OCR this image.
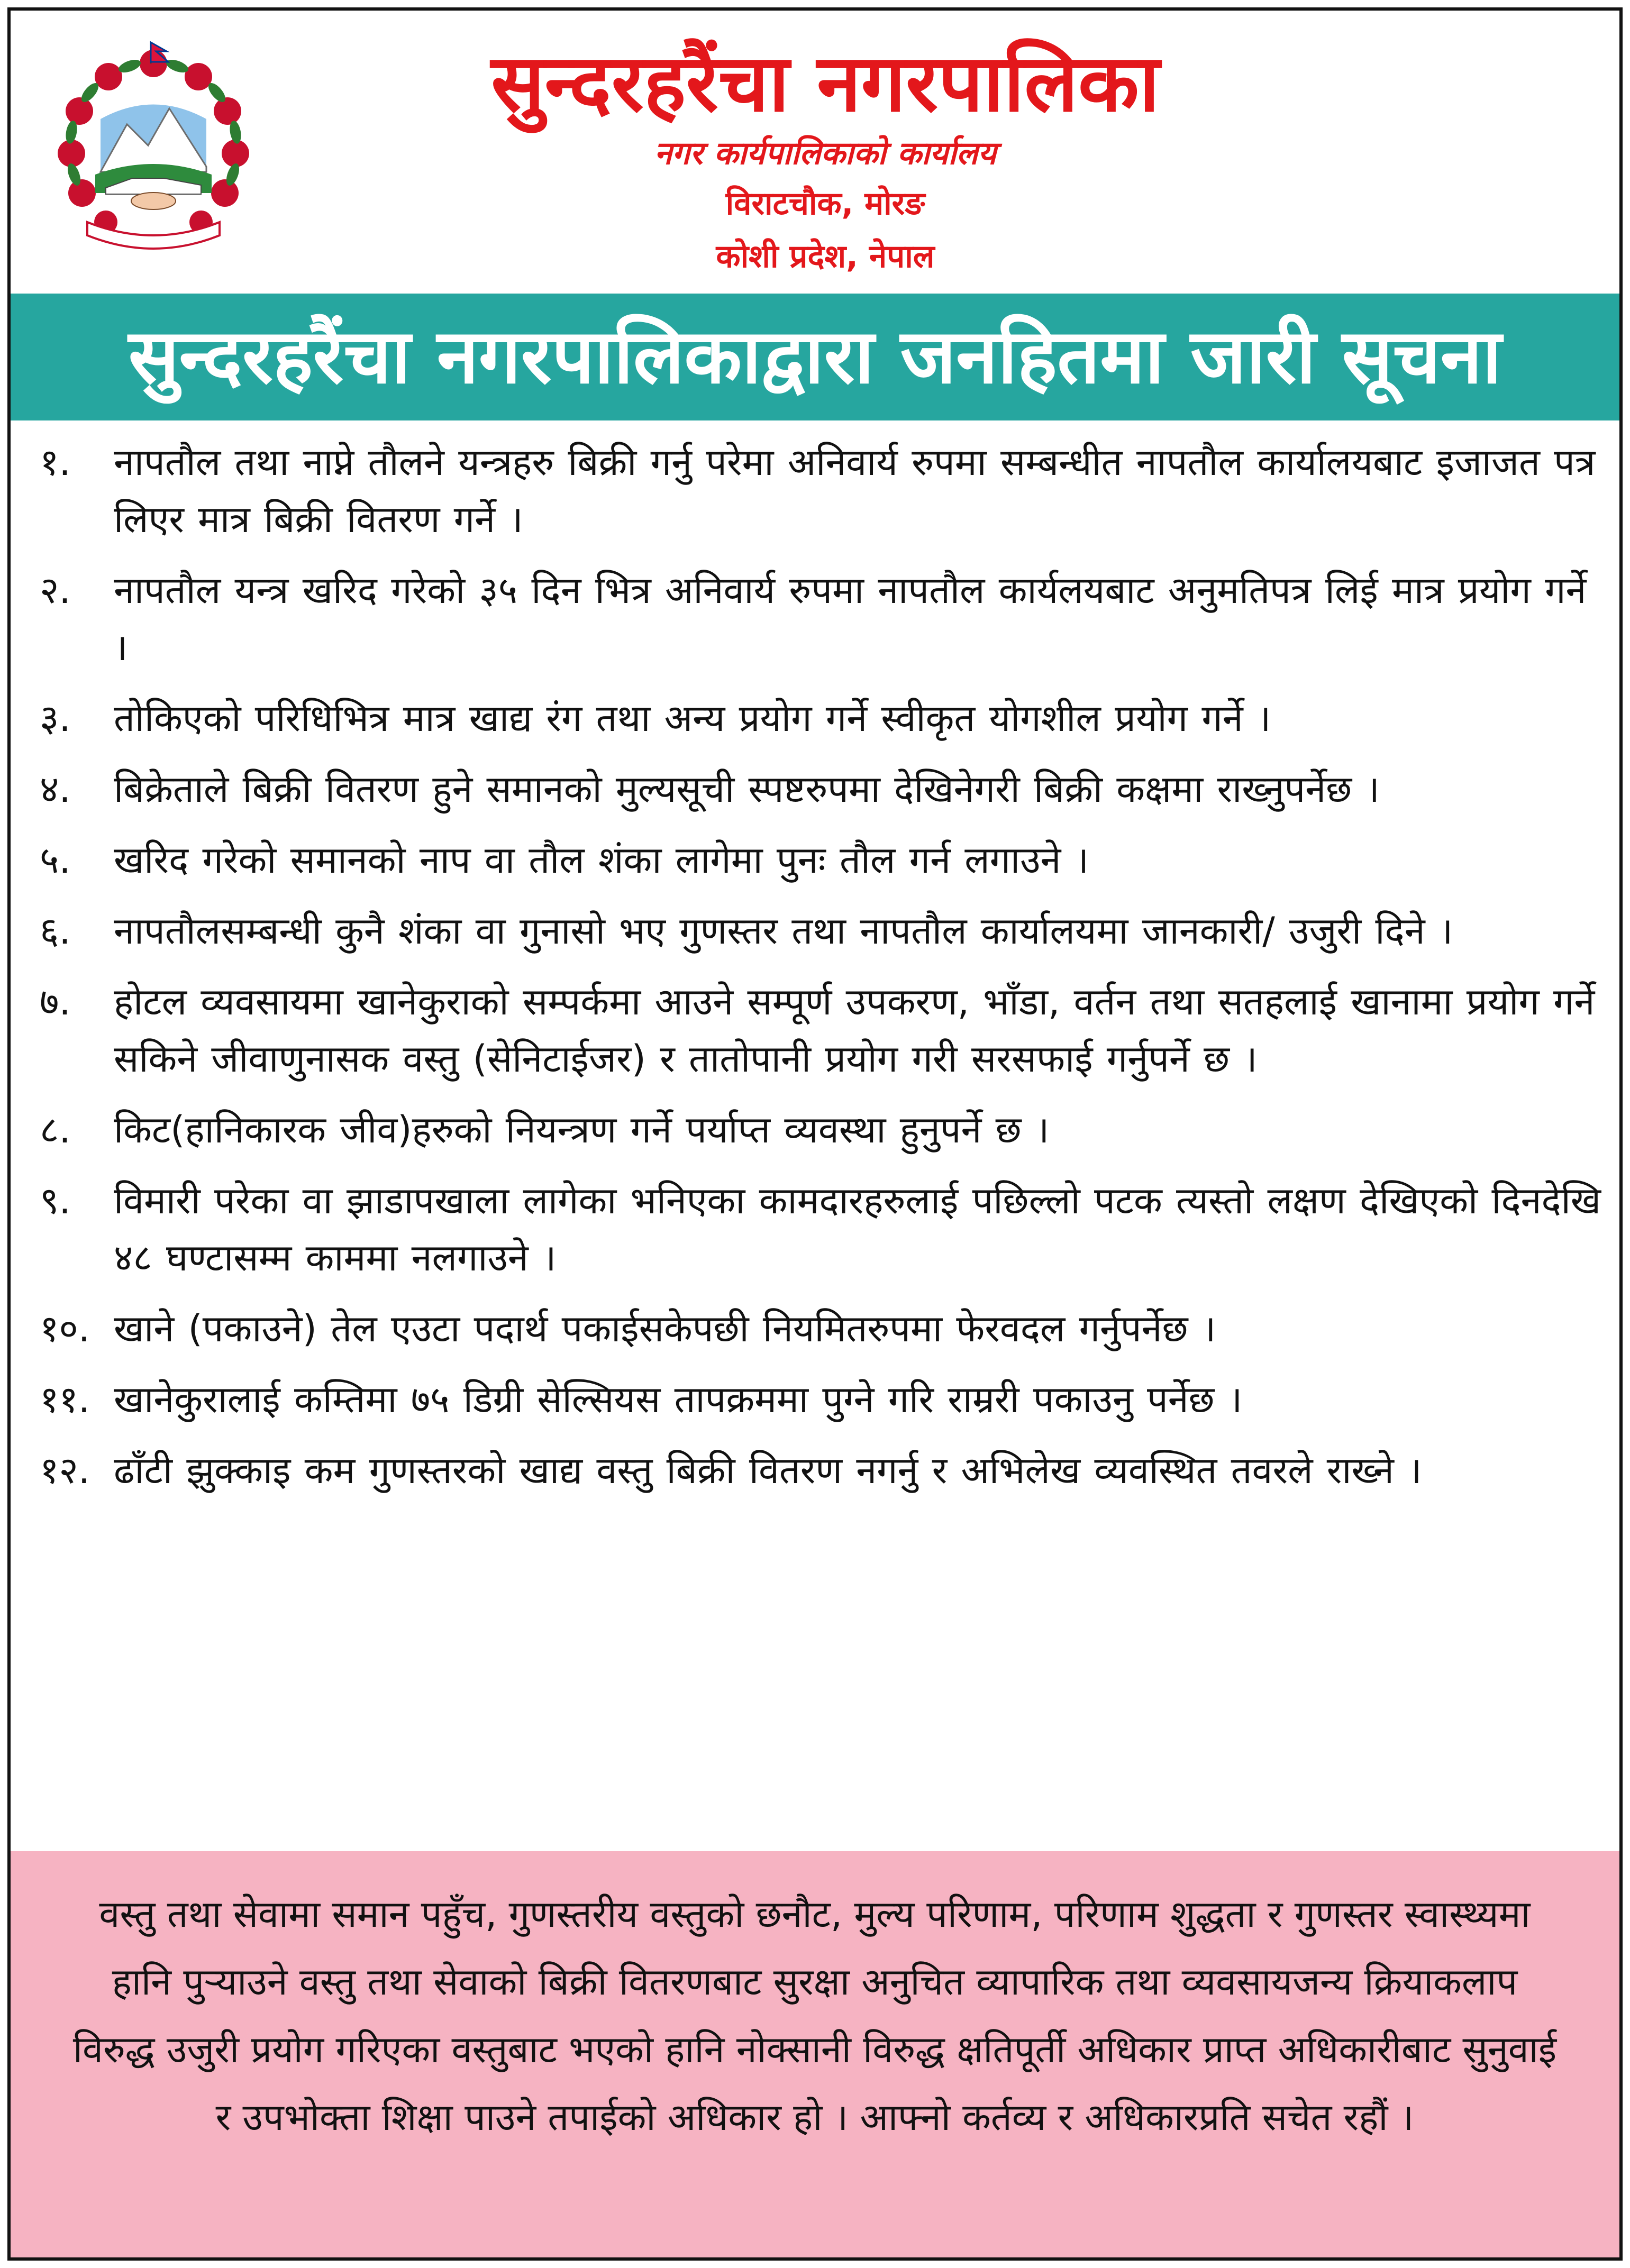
सुन्दरहरैंचा नगरपालिका
नगर कार्यपालिकाको कार्यालय
विराटचौक, मोरङ
कोशी प्रदेश, नेपाल
सुन्दरहरैंचा नगरपालिकाद्वारा जनहितमा जारी सूचना
१.	नापतौल तथा नाप्ने तौलने यन्त्रहरु बिक्री गर्नु परेमा अनिवार्य रुपमा सम्बन्धीत नापतौल कार्यालयबाट इजाजत पत्र लिएर मात्र बिक्री वितरण गर्ने ।
२.	नापतौल यन्त्र खरिद गरेको ३५ दिन भित्र अनिवार्य रुपमा नापतौल कार्यलयबाट अनुमतिपत्र लिई मात्र प्रयोग गर्ने ।
३.	तोकिएको परिधिभित्र मात्र खाद्य रंग तथा अन्य प्रयोग गर्ने स्वीकृत योगशील प्रयोग गर्ने ।
४.	बिक्रेताले बिक्री वितरण हुने समानको मुल्यसूची स्पष्टरुपमा देखिनेगरी बिक्री कक्षमा राख्नुपर्नेछ ।
५.	खरिद गरेको समानको नाप वा तौल शंका लागेमा पुनः तौल गर्न लगाउने ।
६.	नापतौलसम्बन्धी कुनै शंका वा गुनासो भए गुणस्तर तथा नापतौल कार्यालयमा जानकारी/ उजुरी दिने ।
७.	होटल व्यवसायमा खानेकुराको सम्पर्कमा आउने सम्पूर्ण उपकरण, भाँडा, वर्तन तथा सतहलाई खानामा प्रयोग गर्ने सकिने जीवाणुनासक वस्तु (सेनिटाईजर) र तातोपानी प्रयोग गरी सरसफाई गर्नुपर्ने छ ।
८.	किट(हानिकारक जीव)हरुको नियन्त्रण गर्ने पर्याप्त व्यवस्था हुनुपर्ने छ ।
९.	विमारी परेका वा झाडापखाला लागेका भनिएका कामदारहरुलाई पछिल्लो पटक त्यस्तो लक्षण देखिएको दिनदेखि ४८ घण्टासम्म काममा नलगाउने ।
१०. खाने (पकाउने) तेल एउटा पदार्थ पकाईसकेपछी नियमितरुपमा फेरवदल गर्नुपर्नेछ ।
११. खानेकुरालाई कम्तिमा ७५ डिग्री सेल्सियस तापक्रममा पुग्ने गरि राम्ररी पकाउनु पर्नेछ ।
१२. ढाँटी झुक्काइ कम गुणस्तरको खाद्य वस्तु बिक्री वितरण नगर्नु र अभिलेख व्यवस्थित तवरले राख्ने ।
वस्तु तथा सेवामा समान पहुँच, गुणस्तरीय वस्तुको छनौट, मुल्य परिणाम, परिणाम शुद्धता र गुणस्तर स्वास्थ्यमा हानि पुर्‍याउने वस्तु तथा सेवाको बिक्री वितरणबाट सुरक्षा अनुचित व्यापारिक तथा व्यवसायजन्य क्रियाकलाप विरुद्ध उजुरी प्रयोग गरिएका वस्तुबाट भएको हानि नोक्सानी विरुद्ध क्षतिपूर्ती अधिकार प्राप्त अधिकारीबाट सुनुवाई र उपभोक्ता शिक्षा पाउने तपाईको अधिकार हो । आफ्नो कर्तव्य र अधिकारप्रति सचेत रहौं ।
